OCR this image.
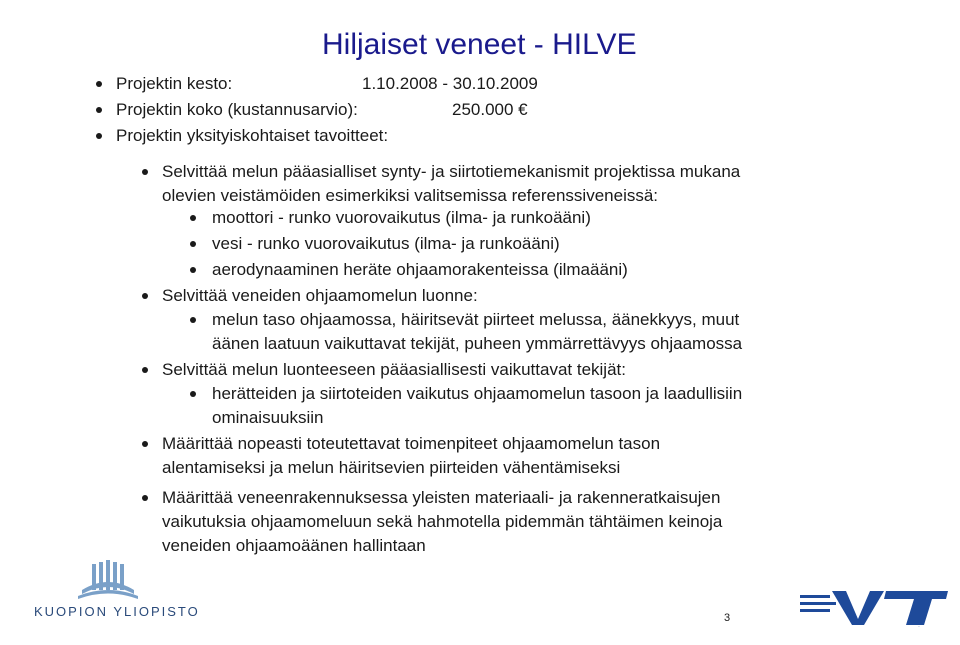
Hiljaiset veneet - HILVE
Projektin kesto:	1.10.2008 - 30.10.2009
Projektin koko (kustannusarvio):	250.000 €
Projektin yksityiskohtaiset tavoitteet:
Selvittää melun pääasialliset synty- ja siirtotiemekanismit projektissa mukana
olevien veistämöiden esimerkiksi valitsemissa referenssiveneissä:
moottori - runko vuorovaikutus (ilma- ja runkoääni)
vesi - runko vuorovaikutus (ilma- ja runkoääni)
aerodynaaminen heräte ohjaamorakenteissa (ilmaääni)
Selvittää veneiden ohjaamomelun luonne:
melun taso ohjaamossa, häiritsevät piirteet melussa, äänekkyys, muut
äänen laatuun vaikuttavat tekijät, puheen ymmärrettävyys ohjaamossa
Selvittää melun luonteeseen pääasiallisesti vaikuttavat tekijät:
herätteiden ja siirtoteiden vaikutus ohjaamomelun tasoon ja laadullisiin
ominaisuuksiin
Määrittää nopeasti toteutettavat toimenpiteet ohjaamomelun tason
alentamiseksi ja melun häiritsevien piirteiden vähentämiseksi
Määrittää veneenrakennuksessa yleisten materiaali- ja rakenneratkaisujen
vaikutuksia ohjaamomeluun sekä hahmotella pidemmän tähtäimen keinoja
veneiden ohjaamoäänen hallintaan
KUOPION YLIOPISTO	3
VTT
